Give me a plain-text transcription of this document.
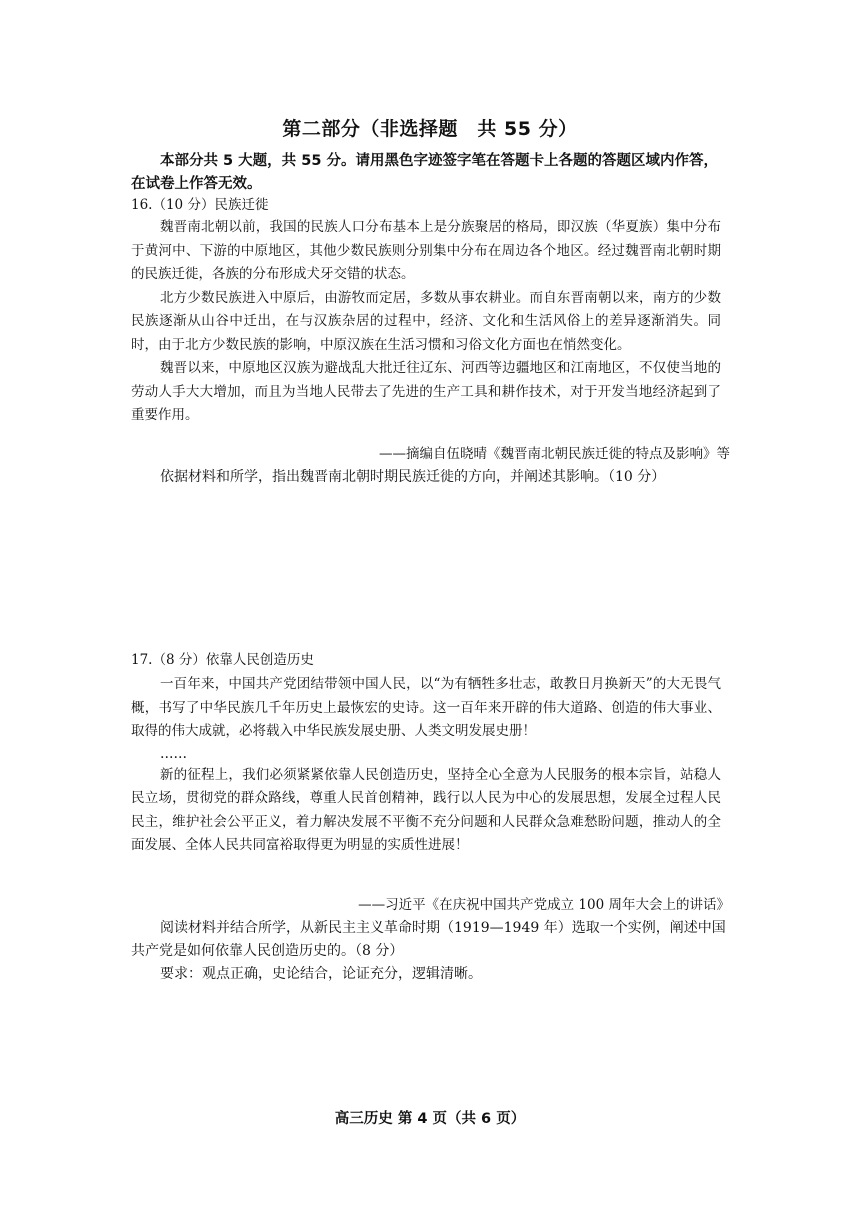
第二部分（非选择题　共 55 分）

本部分共 5 大题，共 55 分。请用黑色字迹签字笔在答题卡上各题的答题区域内作答，在试卷上作答无效。

16.（10 分）民族迁徙

魏晋南北朝以前，我国的民族人口分布基本上是分族聚居的格局，即汉族（华夏族）集中分布于黄河中、下游的中原地区，其他少数民族则分别集中分布在周边各个地区。经过魏晋南北朝时期的民族迁徙，各族的分布形成犬牙交错的状态。

北方少数民族进入中原后，由游牧而定居，多数从事农耕业。而自东晋南朝以来，南方的少数民族逐渐从山谷中迁出，在与汉族杂居的过程中，经济、文化和生活风俗上的差异逐渐消失。同时，由于北方少数民族的影响，中原汉族在生活习惯和习俗文化方面也在悄然变化。

魏晋以来，中原地区汉族为避战乱大批迁往辽东、河西等边疆地区和江南地区，不仅使当地的劳动人手大大增加，而且为当地人民带去了先进的生产工具和耕作技术，对于开发当地经济起到了重要作用。

——摘编自伍晓晴《魏晋南北朝民族迁徙的特点及影响》等

依据材料和所学，指出魏晋南北朝时期民族迁徙的方向，并阐述其影响。（10 分）

17.（8 分）依靠人民创造历史

一百年来，中国共产党团结带领中国人民，以“为有牺牲多壮志，敢教日月换新天”的大无畏气概，书写了中华民族几千年历史上最恢宏的史诗。这一百年来开辟的伟大道路、创造的伟大事业、取得的伟大成就，必将载入中华民族发展史册、人类文明发展史册！

……

新的征程上，我们必须紧紧依靠人民创造历史，坚持全心全意为人民服务的根本宗旨，站稳人民立场，贯彻党的群众路线，尊重人民首创精神，践行以人民为中心的发展思想，发展全过程人民民主，维护社会公平正义，着力解决发展不平衡不充分问题和人民群众急难愁盼问题，推动人的全面发展、全体人民共同富裕取得更为明显的实质性进展！

——习近平《在庆祝中国共产党成立 100 周年大会上的讲话》

阅读材料并结合所学，从新民主主义革命时期（1919—1949 年）选取一个实例，阐述中国共产党是如何依靠人民创造历史的。（8 分）

要求：观点正确，史论结合，论证充分，逻辑清晰。

高三历史 第 4 页（共 6 页）
